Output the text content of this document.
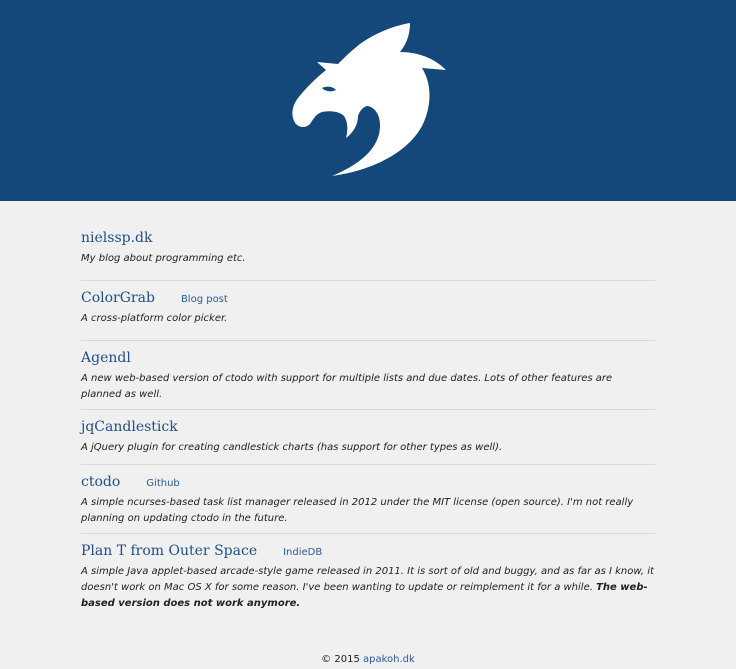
nielssp.dk

My blog about programming etc.

ColorGrab	Blog post

A cross-platform color picker.

Agendl

A new web-based version of ctodo with support for multiple lists and due dates. Lots of other features are planned as well.

jqCandlestick

A jQuery plugin for creating candlestick charts (has support for other types as well).

ctodo	Github

A simple ncurses-based task list manager released in 2012 under the MIT license (open source). I'm not really planning on updating ctodo in the future.

Plan T from Outer Space	IndieDB

A simple Java applet-based arcade-style game released in 2011. It is sort of old and buggy, and as far as I know, it doesn't work on Mac OS X for some reason. I've been wanting to update or reimplement it for a while. The web-based version does not work anymore.

© 2015 apakoh.dk
